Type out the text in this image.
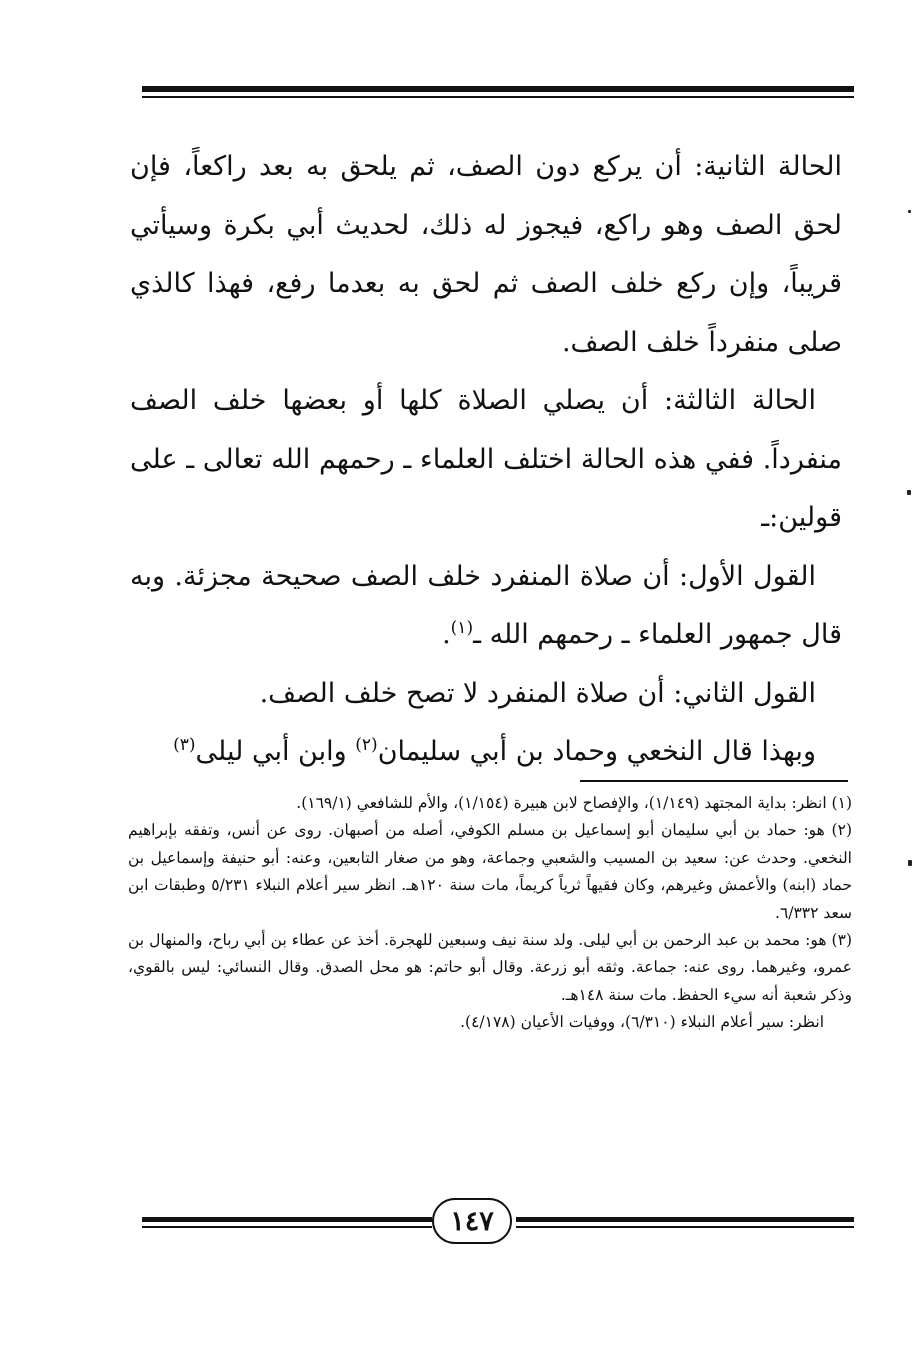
الحالة الثانية: أن يركع دون الصف، ثم يلحق به بعد راكعاً، فإن لحق الصف وهو راكع، فيجوز له ذلك، لحديث أبي بكرة وسيأتي قريباً، وإن ركع خلف الصف ثم لحق به بعدما رفع، فهذا كالذي صلى منفرداً خلف الصف.

الحالة الثالثة: أن يصلي الصلاة كلها أو بعضها خلف الصف منفرداً. ففي هذه الحالة اختلف العلماء ـ رحمهم الله تعالى ـ على قولين:ـ

القول الأول: أن صلاة المنفرد خلف الصف صحيحة مجزئة. وبه قال جمهور العلماء ـ رحمهم الله ـ$^{(١)}$.

القول الثاني: أن صلاة المنفرد لا تصح خلف الصف.

وبهذا قال النخعي وحماد بن أبي سليمان$^{(٢)}$ وابن أبي ليلى$^{(٣)}$

(١) انظر: بداية المجتهد (١/١٤٩)، والإفصاح لابن هبيرة (١/١٥٤)، والأم للشافعي (١٦٩/١).

(٢) هو: حماد بن أبي سليمان أبو إسماعيل بن مسلم الكوفي، أصله من أصبهان. روى عن أنس، وتفقه بإبراهيم النخعي. وحدث عن: سعيد بن المسيب والشعبي وجماعة، وهو من صغار التابعين، وعنه: أبو حنيفة وإسماعيل بن حماد (ابنه) والأعمش وغيرهم، وكان فقيهاً ثرياً كريماً، مات سنة ١٢٠هـ. انظر سير أعلام النبلاء ٥/٢٣١ وطبقات ابن سعد ٦/٣٣٢.

(٣) هو: محمد بن عبد الرحمن بن أبي ليلى. ولد سنة نيف وسبعين للهجرة. أخذ عن عطاء بن أبي رباح، والمنهال بن عمرو، وغيرهما. روى عنه: جماعة. وثقه أبو زرعة. وقال أبو حاتم: هو محل الصدق. وقال النسائي: ليس بالقوي، وذكر شعبة أنه سيء الحفظ. مات سنة ١٤٨هـ.

انظر: سير أعلام النبلاء (٦/٣١٠)، ووفيات الأعيان (٤/١٧٨).

١٤٧
